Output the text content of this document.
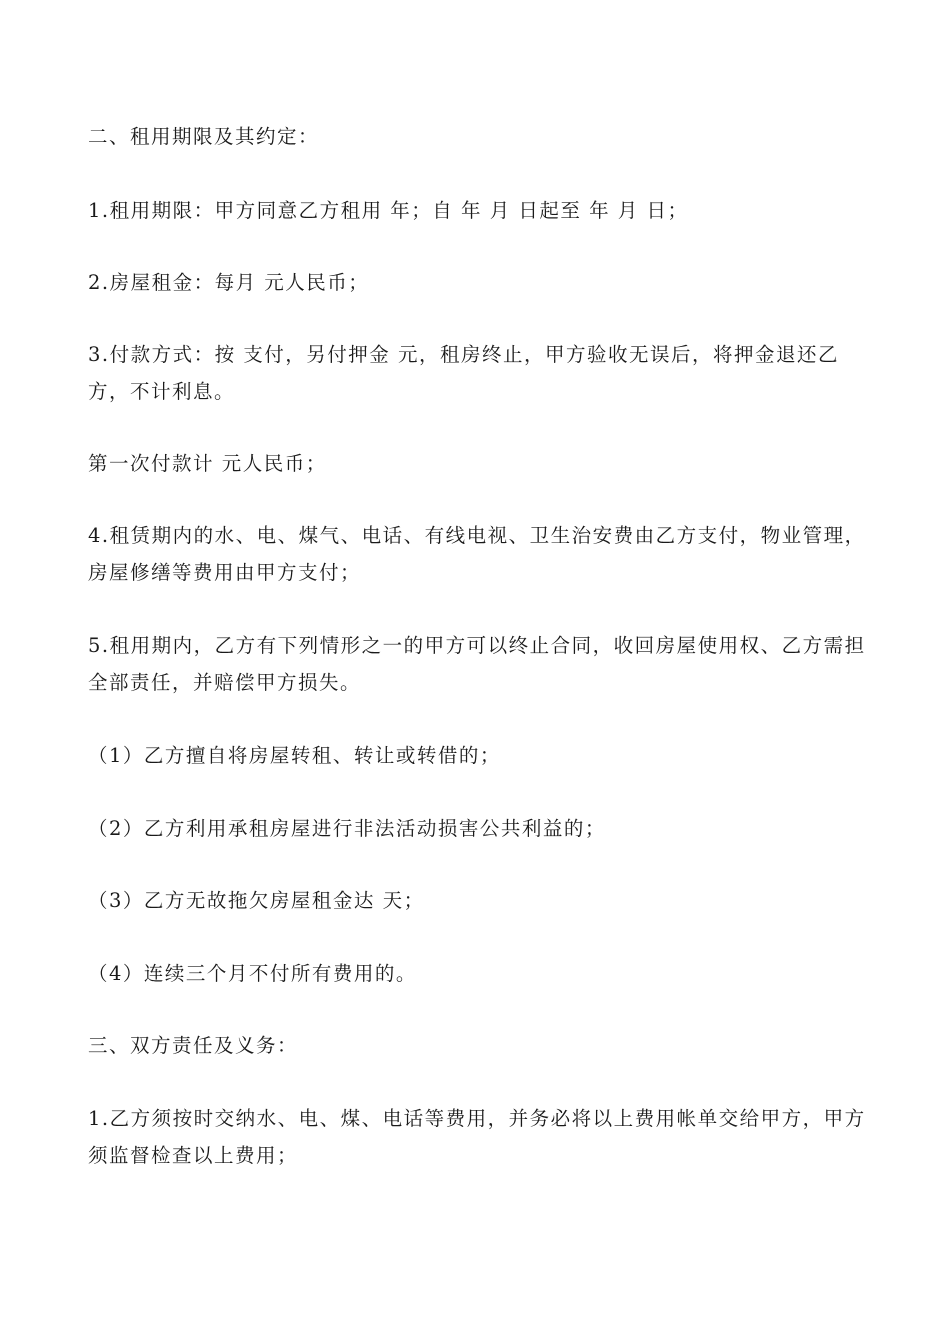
二、租用期限及其约定：

1.租用期限：甲方同意乙方租用 年；自 年 月 日起至 年 月 日；

2.房屋租金：每月 元人民币；

3.付款方式：按 支付，另付押金 元，租房终止，甲方验收无误后，将押金退还乙方，不计利息。

第一次付款计 元人民币；

4.租赁期内的水、电、煤气、电话、有线电视、卫生治安费由乙方支付，物业管理，房屋修缮等费用由甲方支付；

5.租用期内，乙方有下列情形之一的甲方可以终止合同，收回房屋使用权、乙方需担全部责任，并赔偿甲方损失。

（1）乙方擅自将房屋转租、转让或转借的；

（2）乙方利用承租房屋进行非法活动损害公共利益的；

（3）乙方无故拖欠房屋租金达 天；

（4）连续三个月不付所有费用的。

三、双方责任及义务：

1.乙方须按时交纳水、电、煤、电话等费用，并务必将以上费用帐单交给甲方，甲方须监督检查以上费用；
